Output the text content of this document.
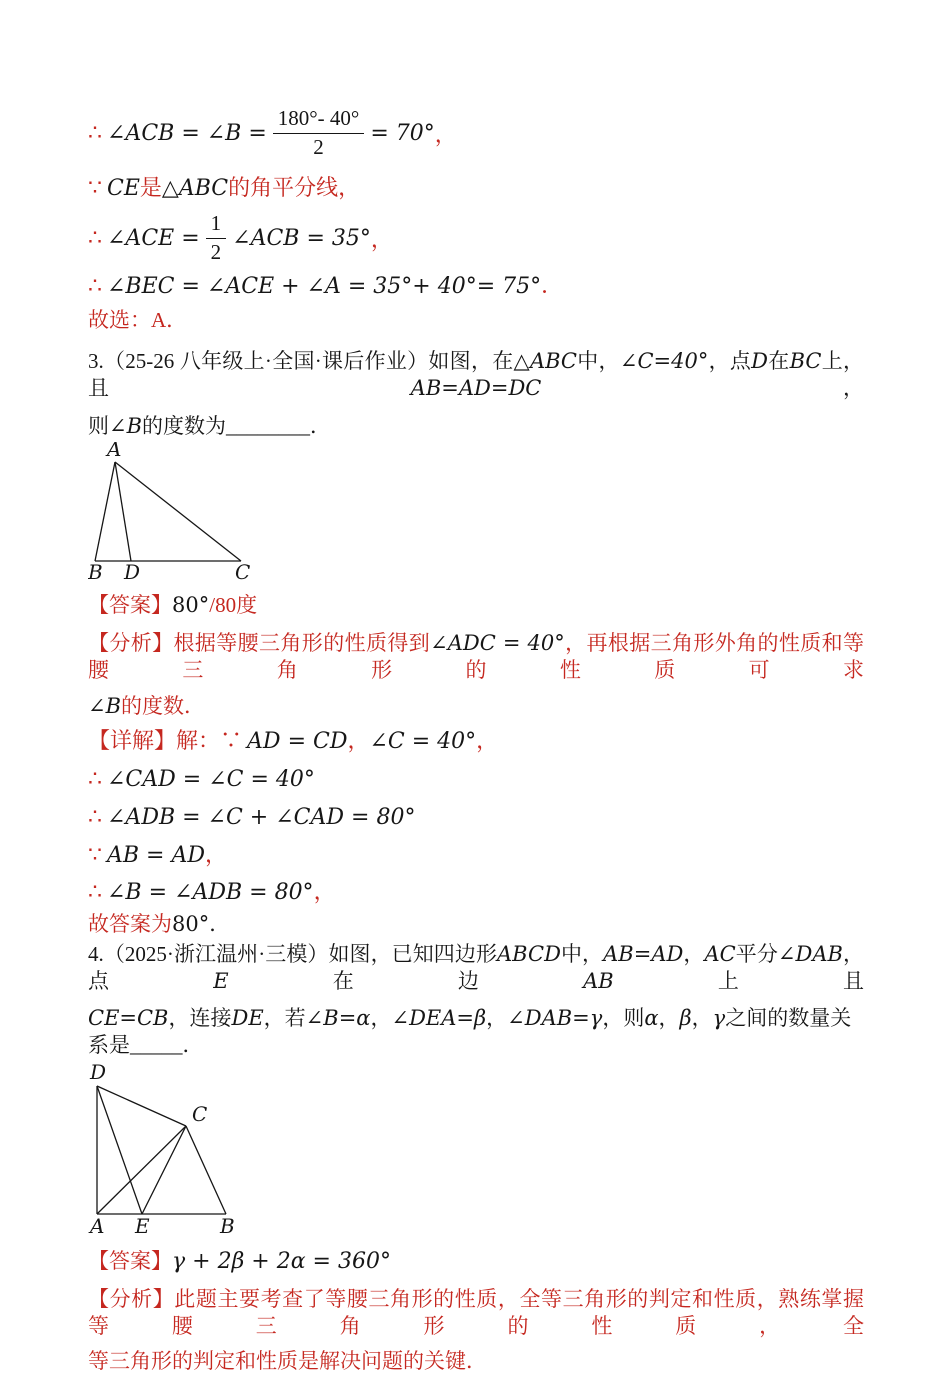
∴ ∠ACB = ∠B = $\frac{180^\circ- 40^\circ}{2} = 70^\circ$ ，
∵ CE是△ABC的角平分线，
∴ ∠ACE = $\frac{1}{2}$ ∠ACB = 35° ，
∴ ∠BEC = ∠ACE + ∠A = 35°+ 40°= 75°．
故选：A．
3.（25-26 八年级上·全国·课后作业）如图，在△ABC中，∠C=40°，点D在BC上，且AB=AD=DC，
则∠B的度数为________．
A
B D	C
【答案】80°/80度
【分析】根据等腰三角形的性质得到∠ADC = 40°，再根据三角形外角的性质和等腰三角形的性质可求
∠B的度数．
【详解】解：∵ AD = CD，∠C = 40°，
∴ ∠CAD = ∠C = 40°
∴ ∠ADB = ∠C + ∠CAD = 80°
∵ AB = AD，
∴ ∠B = ∠ADB = 80°，
故答案为80°．
4.（2025·浙江温州·三模）如图，已知四边形ABCD中，AB=AD，AC平分∠DAB，点E在边AB上且
CE=CB，连接DE，若∠B=α，∠DEA=β，∠DAB=γ，则α，β，γ之间的数量关系是_____．
D
C
A E	B
【答案】γ + 2β + 2α = 360°
【分析】此题主要考查了等腰三角形的性质，全等三角形的判定和性质，熟练掌握等腰三角形的性质，全
等三角形的判定和性质是解决问题的关键．
